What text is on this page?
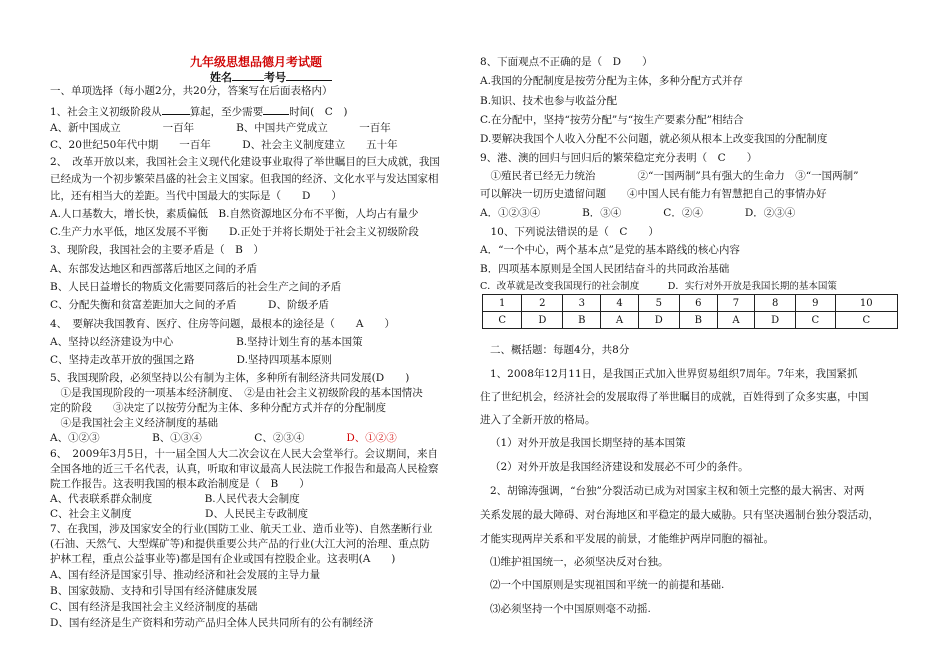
九年级思想品德月考试题
姓名	考号
一、单项选择（每小题2分，共20分，答案写在后面表格内）
1、社会主义初级阶段从	算起，至少需要 时间(　 C　 )
A、新中国成立　　　　一百年　　　　B、中国共产党成立　　　一百年
C、20世纪50年代中期　　一百年　　　D、社会主义制度建立　　五十年
2、　改革开放以来，我国社会主义现代化建设事业取得了举世瞩目的巨大成就，我国
已经成为一个初步繁荣昌盛的社会主义国家。但我国的经济、文化水平与发达国家相
比，还有相当大的差距。当代中国最大的实际是（　　D　　）
A.人口基数大，增长快，素质偏低　B.自然资源地区分布不平衡，人均占有量少
C.生产力水平低，地区发展不平衡　　D.正处于并将长期处于社会主义初级阶段
3、现阶段，我国社会的主要矛盾是（　B　）
A、东部发达地区和西部落后地区之间的矛盾
B、人民日益增长的物质文化需要同落后的社会生产之间的矛盾
C、分配失衡和贫富差距加大之间的矛盾　　　D、阶级矛盾
4、　要解决我国教育、医疗、住房等问题，最根本的途径是（　　A　　）
A、坚持以经济建设为中心　　　　　　B.坚持计划生育的基本国策
C、坚持走改革开放的强国之路　　　　D.坚持四项基本原则
5、我国现阶段，必须坚持以公有制为主体，多种所有制经济共同发展(D　　)
　①是我国现阶段的一项基本经济制度、　②是由社会主义初级阶段的基本国情决
定的阶段　　③决定了以按劳分配为主体、多种分配方式并存的分配制度
　④是我国社会主义经济制度的基础
A、①②③　　　　　B、①③④　　　　　C、②③④　　　　D、①②③
6、　2009年3月5日，十一届全国人大二次会议在人民大会堂举行。会议期间，来自
全国各地的近三千名代表，认真，听取和审议最高人民法院工作报告和最高人民检察
院工作报告。这表明我国的根本政治制度是（　B　　）
A、代表联系群众制度　　　　　B.人民代表大会制度
C、社会主义制度　　　　　　　D、人民民主专政制度
7、在我国，涉及国家安全的行业(国防工业、航天工业、造币业等)、自然垄断行业
(石油、天然气、大型煤矿等)和提供重要公共产品的行业(大江大河的治理、重点防
护林工程，重点公益事业等)都是国有企业或国有控股企业。这表明(A　　)
A、国有经济是国家引导、推动经济和社会发展的主导力量
B、国家鼓励、支持和引导国有经济健康发展
C、国有经济是我国社会主义经济制度的基础
D、国有经济是生产资料和劳动产品归全体人民共同所有的公有制经济
8、下面观点不正确的是（　D　　）
A.我国的分配制度是按劳分配为主体，多种分配方式并存
B.知识、技术也参与收益分配
C.在分配中，坚持“按劳分配”与“按生产要素分配”相结合
D.要解决我国个人收入分配不公问题，就必须从根本上改变我国的分配制度
9、港、澳的回归与回归后的繁荣稳定充分表明（　C　　）
　①殖民者已经无力统治　　　　②“一国两制”具有强大的生命力　③“一国两制”
可以解决一切历史遗留问题　　④中国人民有能力有智慧把自己的事情办好
A．①②③④　　　　B．③④　　　　C．②④　　　　D．②③④
　10、下列说法错误的是（　C　　）
A．“一个中心，两个基本点”是党的基本路线的核心内容
B．四项基本原则是全国人民团结奋斗的共同政治基础
C．改革就是改变我国现行的社会制度　　　D．实行对外开放是我国长期的基本国策
1	2	3	4	5	6	7	8	9	10
C	D	B	A	D	B	A	D	C	C
二、概括题：每题4分，共8分
1、2008年12月11日，是我国正式加入世界贸易组织7周年。7年来，我国紧抓
住了世纪机会，经济社会的发展取得了举世瞩目的成就，百姓得到了众多实惠，中国
进入了全新开放的格局。
（1）对外开放是我国长期坚持的基本国策
（2）对外开放是我国经济建设和发展必不可少的条件。
2、胡锦涛强调，“台独”分裂活动已成为对国家主权和领土完整的最大祸害、对两
关系发展的最大障碍、对台海地区和平稳定的最大威胁。只有坚决遏制台独分裂活动，
才能实现两岸关系和平发展的前景，才能维护两岸同胞的福祉。
⑴维护祖国统一，必须坚决反对台独。
⑵一个中国原则是实现祖国和平统一的前提和基础.
⑶必须坚持一个中国原则毫不动摇.
